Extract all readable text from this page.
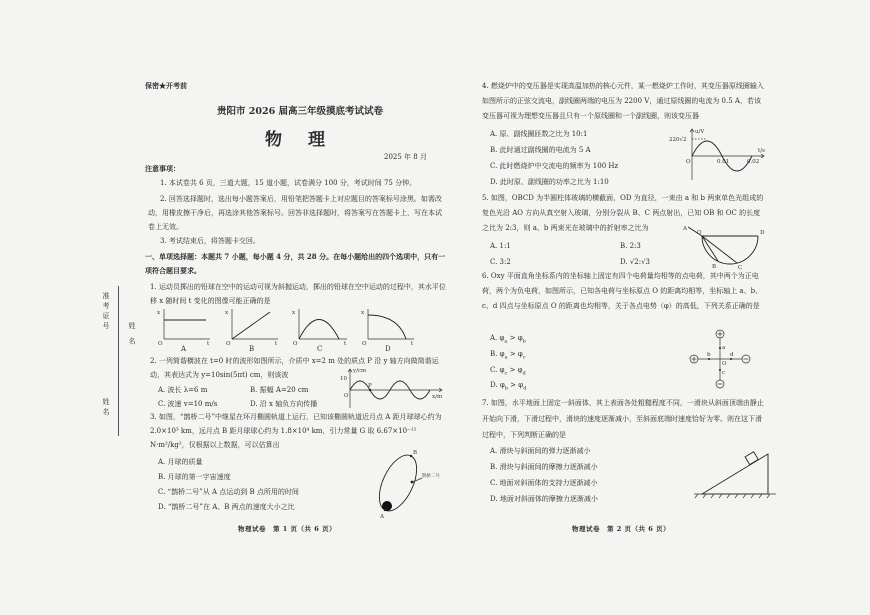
准考证号
姓 名
姓名
保密★开考前
贵阳市 2026 届高三年级摸底考试试卷
物 理
2025 年 8 月
注意事项：
1. 本试卷共 6 页，三道大题，15 道小题，试卷满分 100 分，考试时间 75 分钟。
2. 回答选择题时，选出每小题答案后，用铅笔把答题卡上对应题目的答案标号涂黑。如需改动，用橡皮擦干净后，再选涂其他答案标号。回答非选择题时，将答案写在答题卡上，写在本试卷上无效。
3. 考试结束后，将答题卡交回。
一、单项选择题：本题共 7 小题，每小题 4 分，共 28 分。在每小题给出的四个选项中，只有一项符合题目要求。
1. 运动员掷出的铅球在空中的运动可视为斜抛运动，掷出的铅球在空中运动的过程中，其水平位移 x 随时间 t 变化的图像可能正确的是
x
O	t
x
O	t
x
O	t
x
O	t
A	B	C	D
2. 一列简谐横波在 t=0 时的波形如图所示，介质中 x=2 m 处的质点 P 沿 y 轴方向做简谐运动，其表达式为 y=10sin(5πt) cm，则该波
A. 波长 λ=6 m	B. 振幅 A=20 cm
C. 波速 v=10 m/s	D. 沿 x 轴负方向传播
y/cm
x/m
O
P
10
3. 如图，“鹊桥二号”中继星在环月椭圆轨道上运行，已知该椭圆轨道近月点 A 距月球球心约为 2.0×10³ km，远月点 B 距月球球心约为 1.8×10⁴ km，引力常量 G 取 6.67×10⁻¹¹ N·m²/kg²，仅根据以上数据，可以估算出
A. 月球的质量
B. 月球的第一宇宙速度
C. “鹊桥二号”从 A 点运动到 B 点所用的时间
D. “鹊桥二号”在 A、B 两点的速度大小之比
B
A
鹊桥二号
物理试卷　第 1 页（共 6 页）
4. 燃烧炉中的变压器是实现高温加热的核心元件，某一燃烧炉工作时，其变压器原线圈输入如图所示的正弦交流电，副线圈两端的电压为 2200 V，通过原线圈的电流为 0.5 A，若该变压器可视为理想变压器且只有一个原线圈和一个副线圈，则该变压器
A. 原、副线圈匝数之比为 10:1
B. 此时通过副线圈的电流为 5 A
C. 此时燃烧炉中交流电的频率为 100 Hz
D. 此时原、副线圈的功率之比为 1:10
u/V
220√2
O	0.01	0.02
t/s
5. 如图，OBCD 为半圆柱体玻璃的横截面，OD 为直径，一束由 a 和 b 两束单色光组成的复色光沿 AO 方向从真空射入玻璃，分别分裂从 B、C 两点射出，已知 OB 和 OC 的长度之比为 2:3，则 a、b 两束光在玻璃中的折射率之比为
A. 1:1	B. 2:3
C. 3:2	D. √2:√3
A
O	D
B	C
6. Oxy 平面直角坐标系内的坐标轴上固定有四个电荷量均相等的点电荷，其中两个为正电荷，两个为负电荷，如图所示，已知各电荷与坐标原点 O 的距离均相等，坐标轴上 a、b、c、d 四点与坐标原点 O 的距离也均相等，关于各点电势（φ）的高低，下列关系正确的是
A. $\varphi_a > \varphi_b$
B. $\varphi_a > \varphi_c$
C. $\varphi_c > \varphi_d$
D. $\varphi_b > \varphi_d$
a
b
c
d
O
7. 如图，水平地面上固定一斜面体，其上表面各处粗糙程度不同，一滑块从斜面顶端由静止开始向下滑，下滑过程中，滑块的速度逐渐减小，至斜面底端时速度恰好为零。则在这下滑过程中，下列判断正确的是
A. 滑块与斜面间的弹力逐渐减小
B. 滑块与斜面间的摩擦力逐渐减小
C. 地面对斜面体的支持力逐渐减小
D. 地面对斜面体的摩擦力逐渐减小
物理试卷　第 2 页（共 6 页）
